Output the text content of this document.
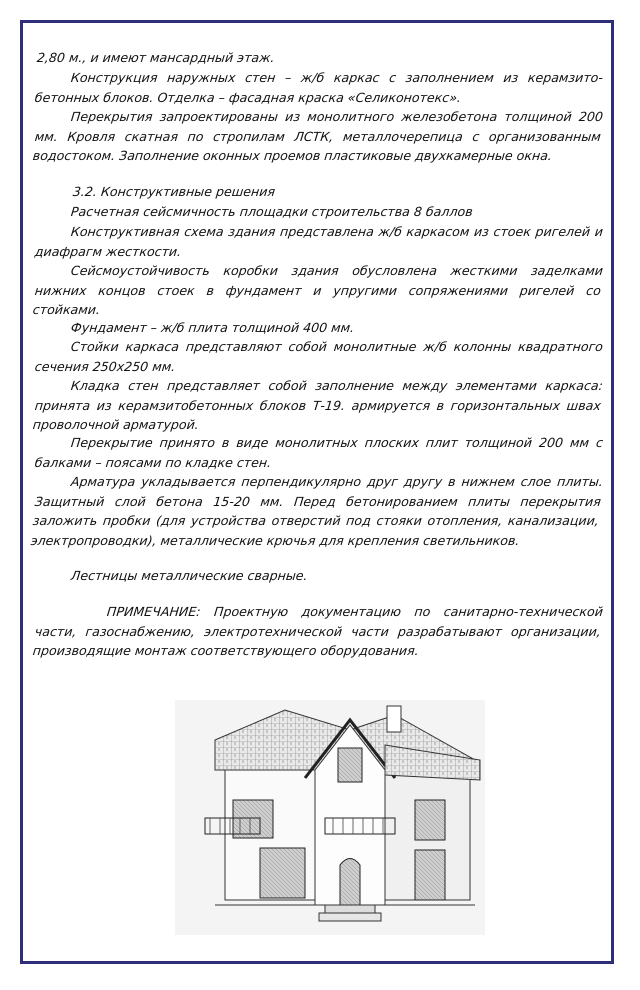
2,80 м., и имеют мансардный этаж.

Конструкция наружных стен – ж/б каркас с заполнением из керамзито-бетонных блоков. Отделка – фасадная краска «Селиконотекс».

Перекрытия запроектированы из монолитного железобетона толщиной 200 мм. Кровля скатная по стропилам ЛСТК, металлочерепица с организованным водостоком. Заполнение оконных проемов пластиковые двухкамерные окна.

3.2. Конструктивные решения

Расчетная сейсмичность площадки строительства 8 баллов

Конструктивная схема здания представлена ж/б каркасом из стоек ригелей и диафрагм жесткости.

Сейсмоустойчивость коробки здания обусловлена жесткими заделками нижних концов стоек в фундамент и упругими сопряжениями ригелей со стойками.

Фундамент – ж/б плита толщиной 400 мм.

Стойки каркаса представляют собой монолитные ж/б колонны квадратного сечения 250х250 мм.

Кладка стен представляет собой заполнение между элементами каркаса: принята из керамзитобетонных блоков Т-19. армируется в горизонтальных швах проволочной арматурой.

Перекрытие принято в виде монолитных плоских плит толщиной 200 мм с балками – поясами по кладке стен.

Арматура укладывается перпендикулярно друг другу в нижнем слое плиты. Защитный слой бетона 15-20 мм. Перед бетонированием плиты перекрытия заложить пробки (для устройства отверстий под стояки отопления, канализации, электропроводки), металлические крючья для крепления светильников.

Лестницы металлические сварные.

ПРИМЕЧАНИЕ: Проектную документацию по санитарно-технической части, газоснабжению, электротехнической части разрабатывают организации, производящие монтаж соответствующего оборудования.
